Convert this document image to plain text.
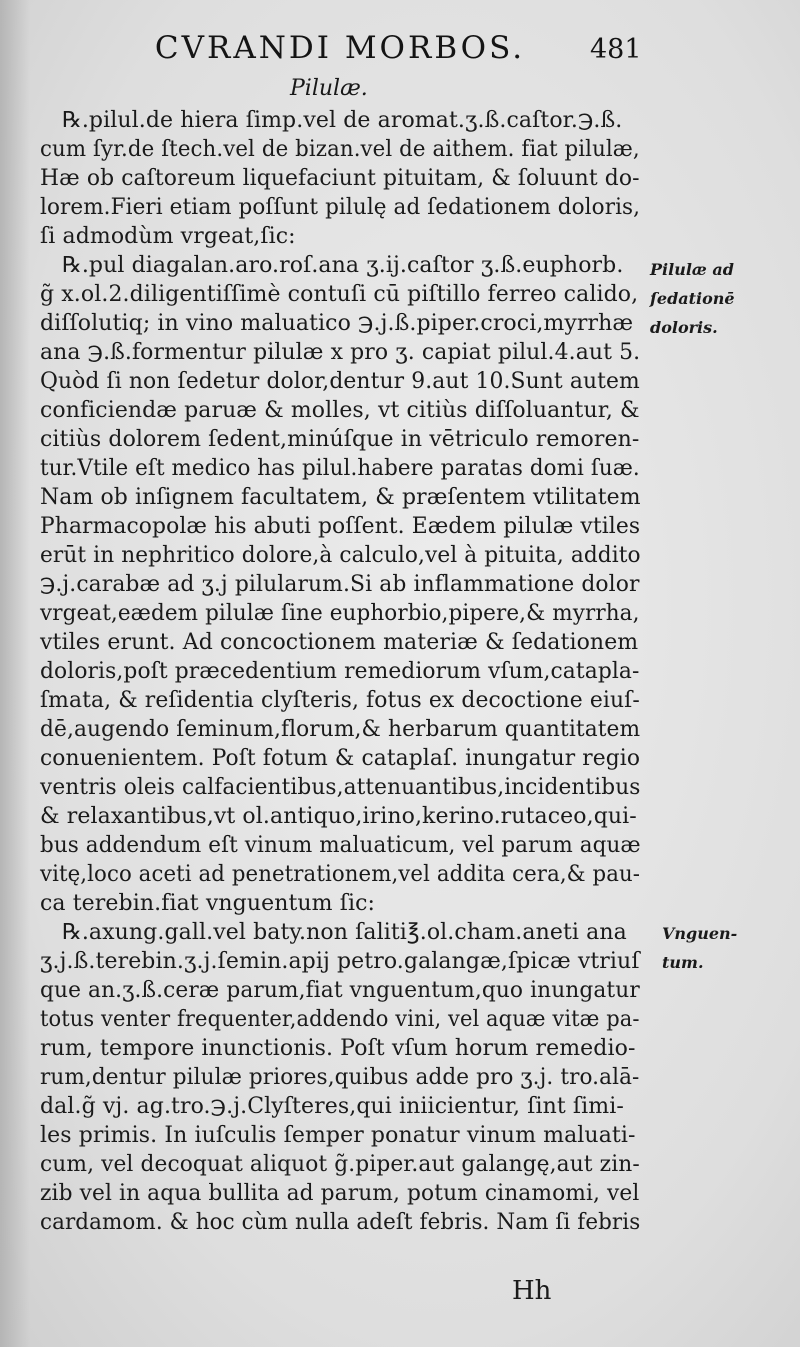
CVRANDI MORBOS.	481
Pilulæ.
℞.pilul.de hiera ſimp.vel de aromat.ʒ.ß.caſtor.℈.ß.
cum ſyr.de ſtech.vel de bizan.vel de aithem. fiat pilulæ,
Hæ ob caſtoreum liquefaciunt pituitam, & ſoluunt do-
lorem.Fieri etiam poſſunt pilulę ad ſedationem doloris,
ſi admodùm vrgeat,ſic:
℞.pul diagalan.aro.roſ.ana ʒ.ij.caſtor ʒ.ß.euphorb.
g̃ x.ol.2.diligentiſſimè contuſi cū piſtillo ferreo calido,
diſſolutiq; in vino maluatico ℈.j.ß.piper.croci,myrrhæ
ana ℈.ß.formentur pilulæ x pro ʒ. capiat pilul.4.aut 5.
Quòd ſi non ſedetur dolor,dentur 9.aut 10.Sunt autem
conficiendæ paruæ & molles, vt citiùs diſſoluantur, &
citiùs dolorem ſedent,minúſque in vētriculo remoren-
tur.Vtile eſt medico has pilul.habere paratas domi ſuæ.
Nam ob inſignem facultatem, & præſentem vtilitatem
Pharmacopolæ his abuti poſſent. Eædem pilulæ vtiles
erūt in nephritico dolore,à calculo,vel à pituita, addito
℈.j.carabæ ad ʒ.j pilularum.Si ab inflammatione dolor
vrgeat,eædem pilulæ ſine euphorbio,pipere,& myrrha,
vtiles erunt. Ad concoctionem materiæ & ſedationem
doloris,poſt præcedentium remediorum vſum,catapla-
ſmata, & reſidentia clyſteris, fotus ex decoctione eiuſ-
dē,augendo ſeminum,florum,& herbarum quantitatem
conuenientem. Poſt fotum & cataplaſ. inungatur regio
ventris oleis calfacientibus,attenuantibus,incidentibus
& relaxantibus,vt ol.antiquo,irino,kerino.rutaceo,qui-
bus addendum eſt vinum maluaticum, vel parum aquæ
vitę,loco aceti ad penetrationem,vel addita cera,& pau-
ca terebin.fiat vnguentum ſic:
℞.axung.gall.vel baty.non ſaliti℥.ol.cham.aneti ana
ʒ.j.ß.terebin.ʒ.j.ſemin.apij petro.galangæ,ſpicæ vtriuſ
que an.ʒ.ß.ceræ parum,fiat vnguentum,quo inungatur
totus venter frequenter,addendo vini, vel aquæ vitæ pa-
rum, tempore inunctionis. Poſt vſum horum remedio-
rum,dentur pilulæ priores,quibus adde pro ʒ.j. tro.alā-
dal.g̃ vj. ag.tro.℈.j.Clyſteres,qui iniicientur, ſint ſimi-
les primis. In iuſculis ſemper ponatur vinum maluati-
cum, vel decoquat aliquot g̃.piper.aut galangę,aut zin-
zib vel in aqua bullita ad parum, potum cinamomi, vel
cardamom. & hoc cùm nulla adeſt febris. Nam ſi febris
Pilulæ ad
ſedationē
doloris.
Vnguen-
tum.
Hh
